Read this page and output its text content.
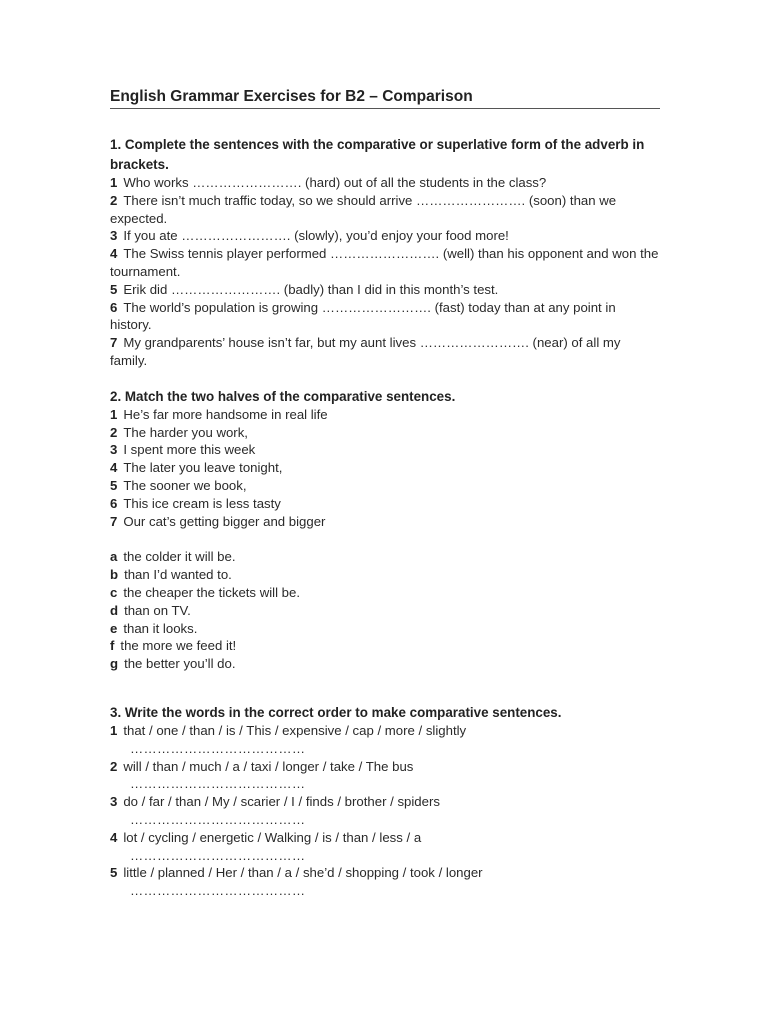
English Grammar Exercises for B2 – Comparison

1. Complete the sentences with the comparative or superlative form of the adverb in

brackets.

1 Who works ……………………. (hard) out of all the students in the class?

2 There isn’t much traffic today, so we should arrive ……………………. (soon) than we expected.

3 If you ate ……………………. (slowly), you’d enjoy your food more!

4 The Swiss tennis player performed ……………………. (well) than his opponent and won the tournament.

5 Erik did ……………………. (badly) than I did in this month’s test.

6 The world’s population is growing ……………………. (fast) today than at any point in history.

7 My grandparents’ house isn’t far, but my aunt lives ……………………. (near) of all my family.

2. Match the two halves of the comparative sentences.

1 He’s far more handsome in real life

2 The harder you work,

3 I spent more this week

4 The later you leave tonight,

5 The sooner we book,

6 This ice cream is less tasty

7 Our cat’s getting bigger and bigger

a the colder it will be.

b than I’d wanted to.

c the cheaper the tickets will be.

d than on TV.

e than it looks.

f the more we feed it!

g the better you’ll do.

3. Write the words in the correct order to make comparative sentences.

1 that / one / than / is / This / expensive / cap / more / slightly

…………………………………

2 will / than / much / a / taxi / longer / take / The bus

…………………………………

3 do / far / than / My / scarier / I / finds / brother / spiders

…………………………………

4 lot / cycling / energetic / Walking / is / than / less / a

…………………………………

5 little / planned / Her / than / a / she’d / shopping / took / longer

…………………………………
